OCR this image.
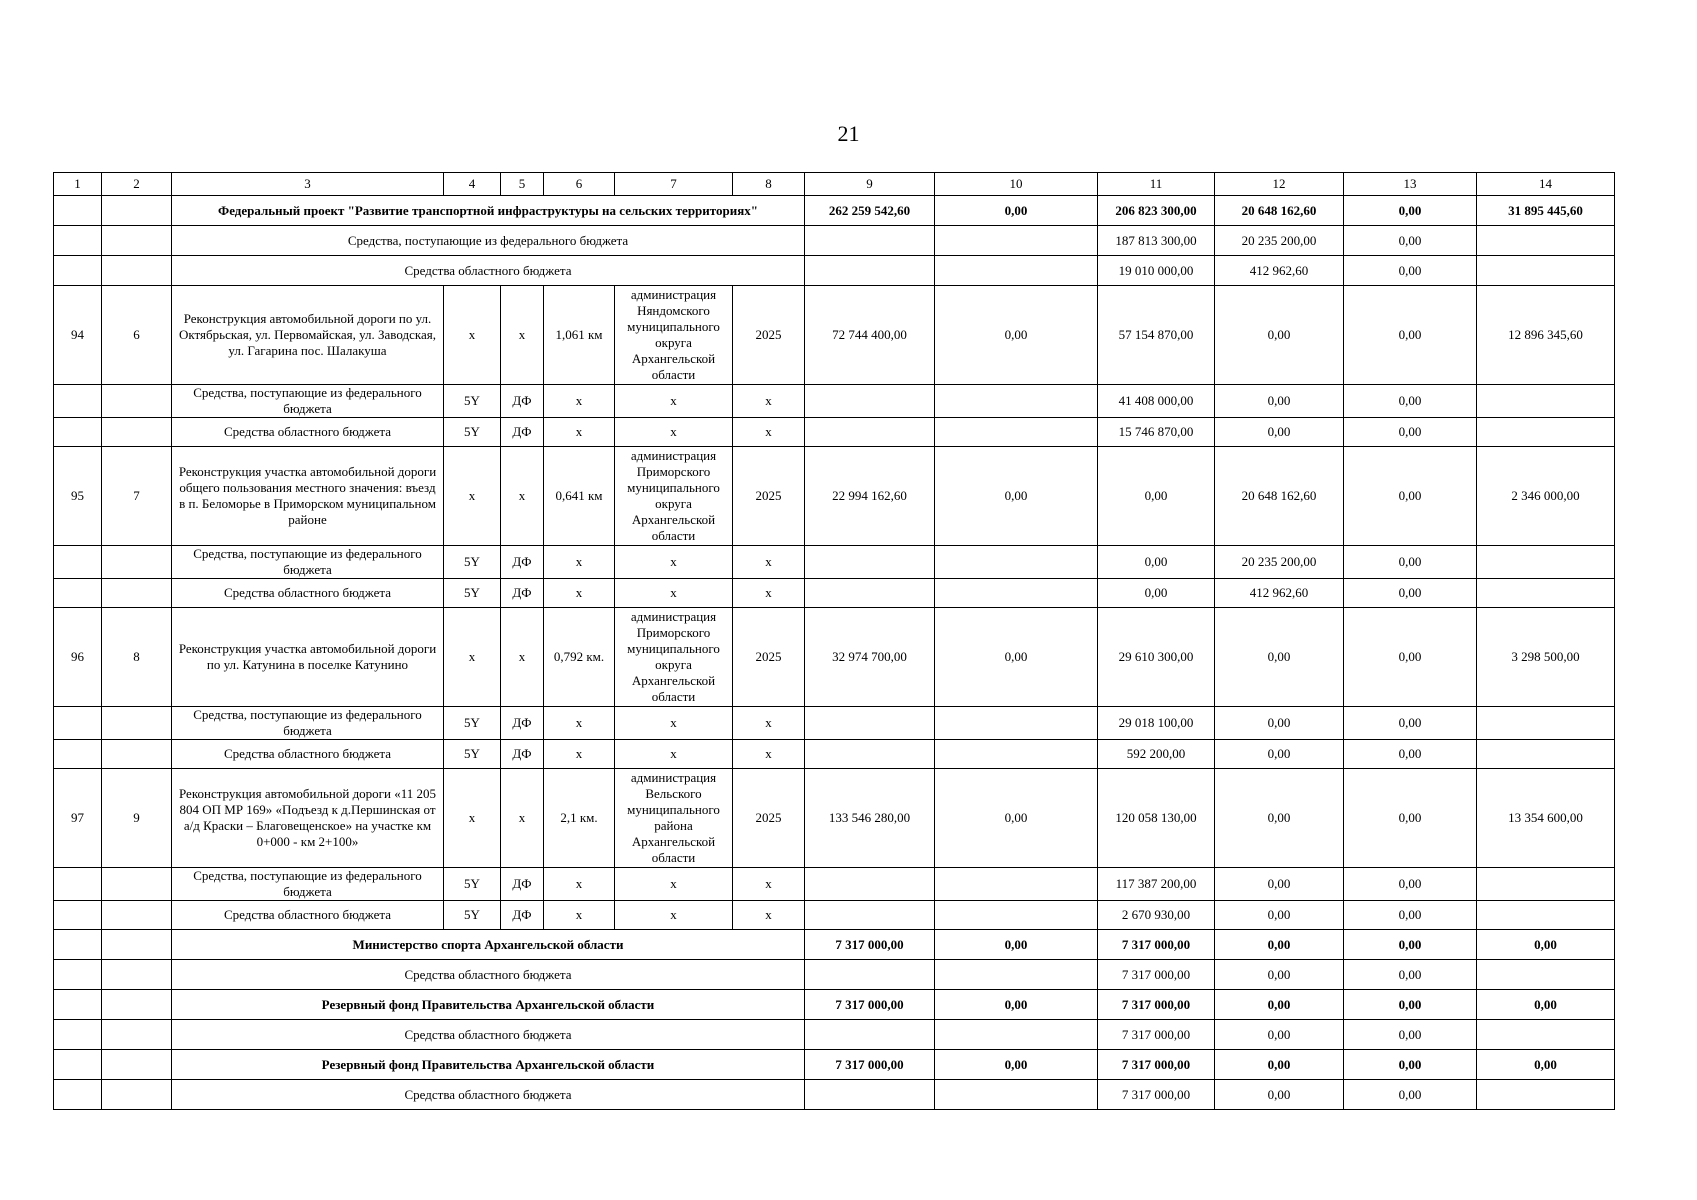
21
1	2	3	4	5	6	7	8	9	10	11	12	13	14
		Федеральный проект "Развитие транспортной инфраструктуры на сельских территориях"						262 259 542,60	0,00	206 823 300,00	20 648 162,60	0,00	31 895 445,60
		Средства, поступающие из федерального бюджета								187 813 300,00	20 235 200,00	0,00	
		Средства областного бюджета								19 010 000,00	412 962,60	0,00	
94	6	Реконструкция автомобильной дороги по ул. Октябрьская, ул. Первомайская, ул. Заводская, ул. Гагарина пос. Шалакуша	х	х	1,061 км	администрация Няндомского муниципального округа Архангельской области	2025	72 744 400,00	0,00	57 154 870,00	0,00	0,00	12 896 345,60
		Средства, поступающие из федерального бюджета	5Y	ДФ	х	х	х			41 408 000,00	0,00	0,00	
		Средства областного бюджета	5Y	ДФ	х	х	х			15 746 870,00	0,00	0,00	
95	7	Реконструкция участка автомобильной дороги общего пользования местного значения: въезд в п. Беломорье в Приморском муниципальном районе	х	х	0,641 км	администрация Приморского муниципального округа Архангельской области	2025	22 994 162,60	0,00	0,00	20 648 162,60	0,00	2 346 000,00
		Средства, поступающие из федерального бюджета	5Y	ДФ	х	х	х			0,00	20 235 200,00	0,00	
		Средства областного бюджета	5Y	ДФ	х	х	х			0,00	412 962,60	0,00	
96	8	Реконструкция участка автомобильной дороги по ул. Катунина в поселке Катунино	х	х	0,792 км.	администрация Приморского муниципального округа Архангельской области	2025	32 974 700,00	0,00	29 610 300,00	0,00	0,00	3 298 500,00
		Средства, поступающие из федерального бюджета	5Y	ДФ	х	х	х			29 018 100,00	0,00	0,00	
		Средства областного бюджета	5Y	ДФ	х	х	х			592 200,00	0,00	0,00	
97	9	Реконструкция автомобильной дороги «11 205 804 ОП МР 169» «Подъезд к д.Першинская от а/д Краски – Благовещенское» на участке км 0+000 - км 2+100»	х	х	2,1 км.	администрация Вельского муниципального района Архангельской области	2025	133 546 280,00	0,00	120 058 130,00	0,00	0,00	13 354 600,00
		Средства, поступающие из федерального бюджета	5Y	ДФ	х	х	х			117 387 200,00	0,00	0,00	
		Средства областного бюджета	5Y	ДФ	х	х	х			2 670 930,00	0,00	0,00	
		Министерство спорта Архангельской области						7 317 000,00	0,00	7 317 000,00	0,00	0,00	0,00
		Средства областного бюджета								7 317 000,00	0,00	0,00	
		Резервный фонд Правительства Архангельской области						7 317 000,00	0,00	7 317 000,00	0,00	0,00	0,00
		Средства областного бюджета								7 317 000,00	0,00	0,00	
		Резервный фонд Правительства Архангельской области						7 317 000,00	0,00	7 317 000,00	0,00	0,00	0,00
		Средства областного бюджета								7 317 000,00	0,00	0,00	
